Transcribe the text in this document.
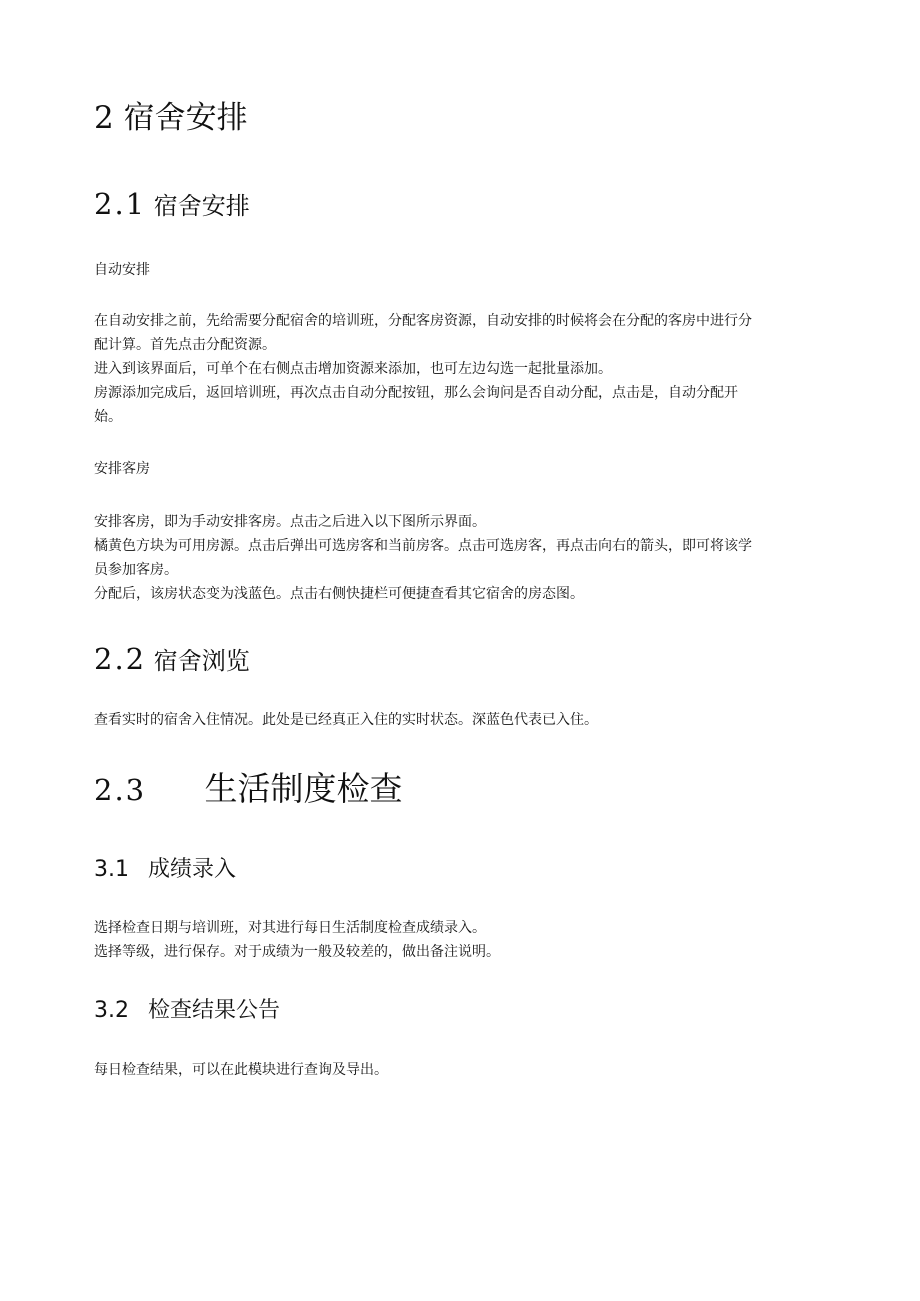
2 宿舍安排
2.1 宿舍安排

自动安排

在自动安排之前，先给需要分配宿舍的培训班，分配客房资源，自动安排的时候将会在分配的客房中进行分
配计算。首先点击分配资源。
进入到该界面后，可单个在右侧点击增加资源来添加，也可左边勾选一起批量添加。
房源添加完成后，返回培训班，再次点击自动分配按钮，那么会询问是否自动分配，点击是，自动分配开
始。

安排客房

安排客房，即为手动安排客房。点击之后进入以下图所示界面。
橘黄色方块为可用房源。点击后弹出可选房客和当前房客。点击可选房客，再点击向右的箭头，即可将该学
员参加客房。
分配后，该房状态变为浅蓝色。点击右侧快捷栏可便捷查看其它宿舍的房态图。

2.2 宿舍浏览

查看实时的宿舍入住情况。此处是已经真正入住的实时状态。深蓝色代表已入住。

2.3 生活制度检查
3.1 成绩录入

选择检查日期与培训班，对其进行每日生活制度检查成绩录入。
选择等级，进行保存。对于成绩为一般及较差的，做出备注说明。

3.2 检查结果公告

每日检查结果，可以在此模块进行查询及导出。
